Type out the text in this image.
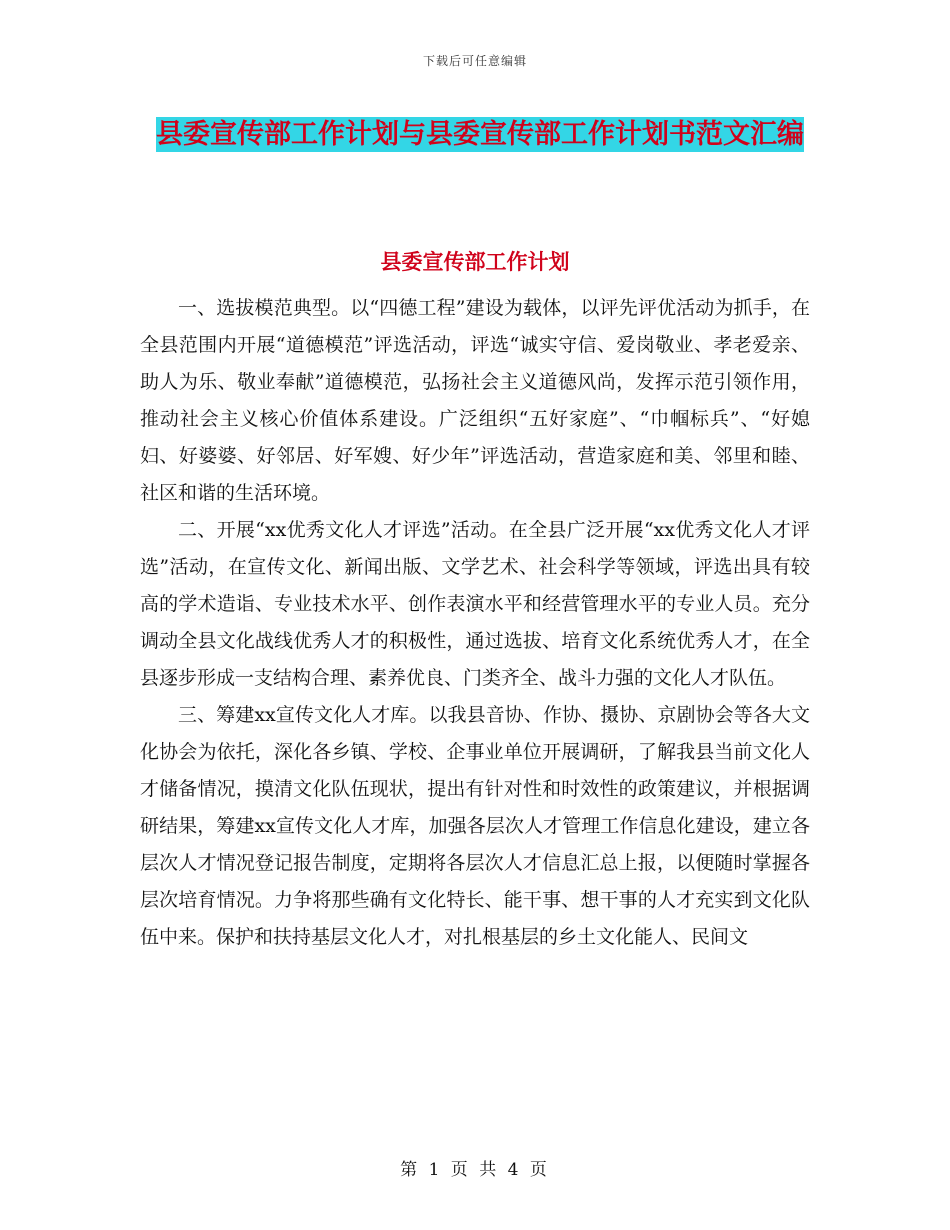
下载后可任意编辑
县委宣传部工作计划与县委宣传部工作计划书范文汇编
县委宣传部工作计划

一、选拔模范典型。以“四德工程”建设为载体，以评先评优活动为抓手，在全县范围内开展“道德模范”评选活动，评选“诚实守信、爱岗敬业、孝老爱亲、助人为乐、敬业奉献”道德模范，弘扬社会主义道德风尚，发挥示范引领作用，推动社会主义核心价值体系建设。广泛组织“五好家庭”、“巾帼标兵”、“好媳妇、好婆婆、好邻居、好军嫂、好少年”评选活动，营造家庭和美、邻里和睦、社区和谐的生活环境。

二、开展“xx优秀文化人才评选”活动。在全县广泛开展“xx优秀文化人才评选”活动，在宣传文化、新闻出版、文学艺术、社会科学等领域，评选出具有较高的学术造诣、专业技术水平、创作表演水平和经营管理水平的专业人员。充分调动全县文化战线优秀人才的积极性，通过选拔、培育文化系统优秀人才，在全县逐步形成一支结构合理、素养优良、门类齐全、战斗力强的文化人才队伍。

三、筹建xx宣传文化人才库。以我县音协、作协、摄协、京剧协会等各大文化协会为依托，深化各乡镇、学校、企事业单位开展调研，了解我县当前文化人才储备情况，摸清文化队伍现状，提出有针对性和时效性的政策建议，并根据调研结果，筹建xx宣传文化人才库，加强各层次人才管理工作信息化建设，建立各层次人才情况登记报告制度，定期将各层次人才信息汇总上报，以便随时掌握各层次培育情况。力争将那些确有文化特长、能干事、想干事的人才充实到文化队伍中来。保护和扶持基层文化人才，对扎根基层的乡土文化能人、民间文

第 1 页 共 4 页
